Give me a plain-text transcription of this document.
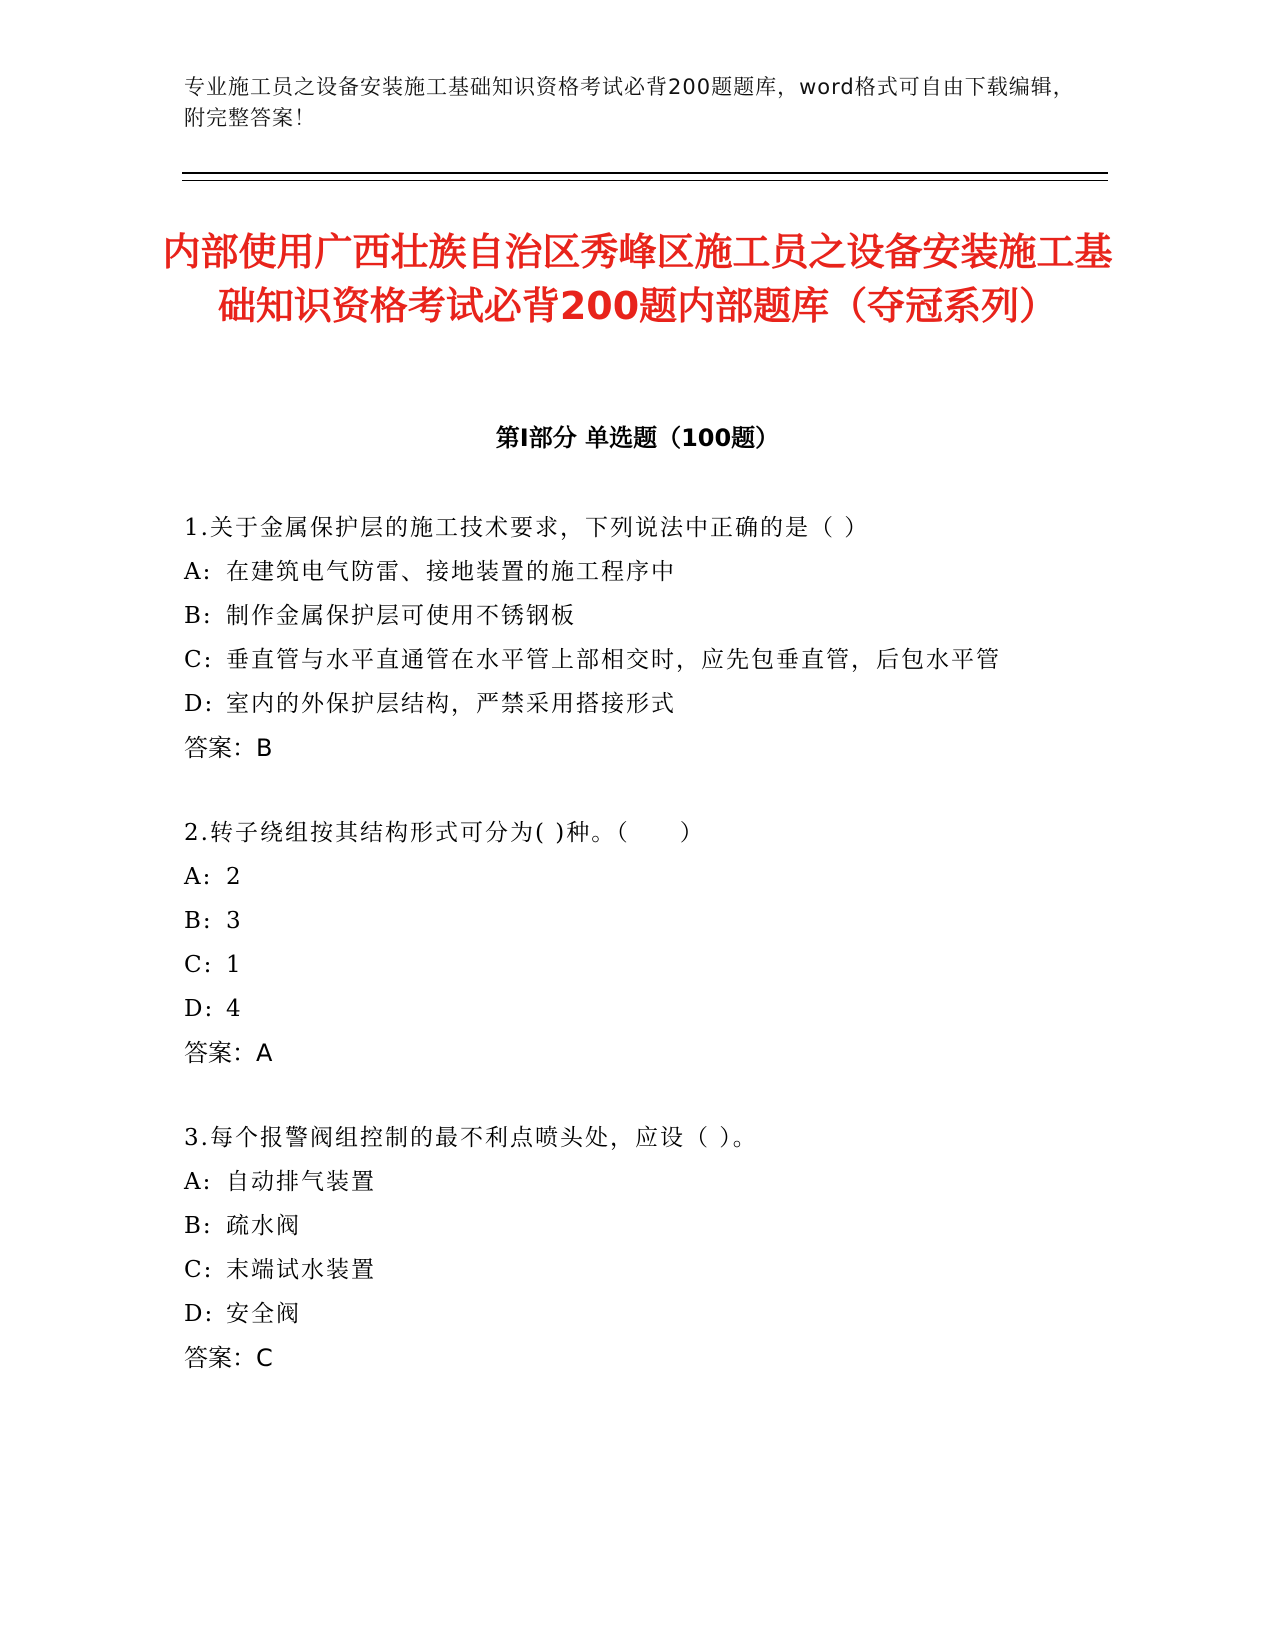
专业施工员之设备安装施工基础知识资格考试必背200题题库，word格式可自由下载编辑，附完整答案！
内部使用广西壮族自治区秀峰区施工员之设备安装施工基础知识资格考试必背200题内部题库（夺冠系列）
第Ⅰ部分 单选题（100题）

1.关于金属保护层的施工技术要求，下列说法中正确的是（ ）

A: 在建筑电气防雷、接地装置的施工程序中
B: 制作金属保护层可使用不锈钢板
C: 垂直管与水平直通管在水平管上部相交时，应先包垂直管，后包水平管
D: 室内的外保护层结构，严禁采用搭接形式

答案：B

2.转子绕组按其结构形式可分为( )种。（　　）

A: 2
B: 3
C: 1
D: 4

答案：A

3.每个报警阀组控制的最不利点喷头处，应设（ ）。

A: 自动排气装置
B: 疏水阀
C: 末端试水装置
D: 安全阀

答案：C
